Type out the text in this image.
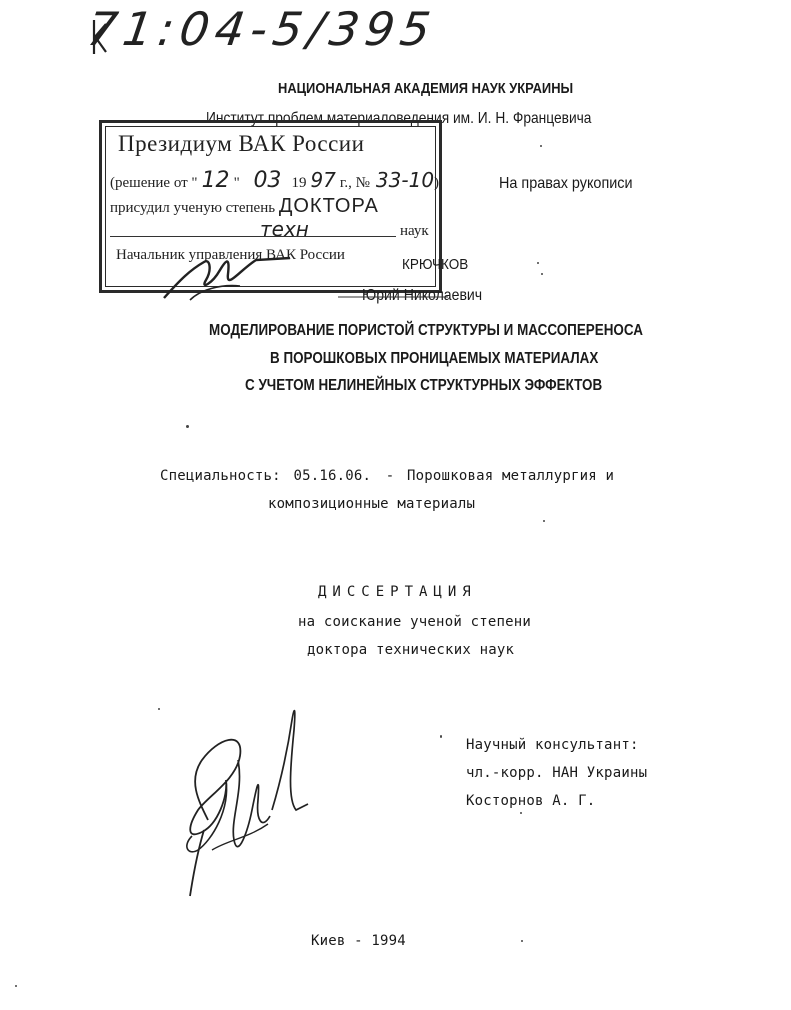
71:04-5/395
НАЦИОНАЛЬНАЯ АКАДЕМИЯ НАУК УКРАИНЫ
Институт проблем материаловедения им. И. Н. Францевича
На правах рукописи
Президиум ВАК России
(решение от " 12 " 03 19 97 г., № 33-10)
присудил ученую степень ДОКТОРА
техн	наук
Начальник управления ВАК России
КРЮЧКОВ
Юрий Николаевич
МОДЕЛИРОВАНИЕ ПОРИСТОЙ СТРУКТУРЫ И МАССОПЕРЕНОСА
В ПОРОШКОВЫХ ПРОНИЦАЕМЫХ МАТЕРИАЛАХ
С УЧЕТОМ НЕЛИНЕЙНЫХ СТРУКТУРНЫХ ЭФФЕКТОВ
Специальность: 05.16.06. - Порошковая металлургия и
композиционные материалы
ДИССЕРТАЦИЯ
на соискание ученой степени
доктора технических наук
Научный консультант:
чл.-корр. НАН Украины
Косторнов А. Г.
Киев - 1994
